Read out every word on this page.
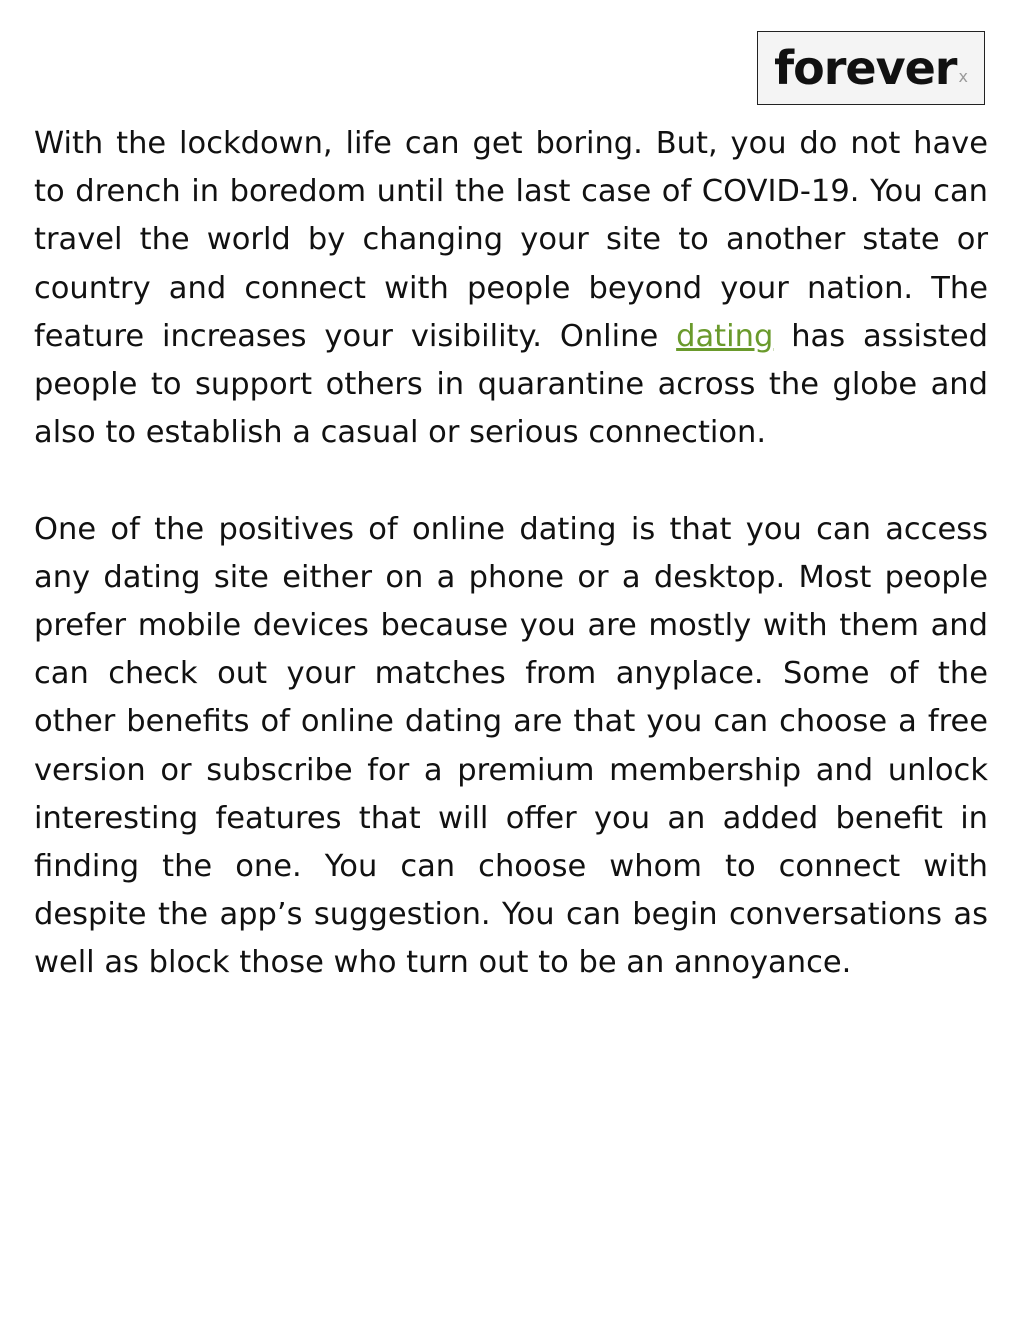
forever x

With the lockdown, life can get boring. But, you do not have to drench in boredom until the last case of COVID-19. You can travel the world by changing your site to another state or country and connect with people beyond your nation. The feature increases your visibility. Online dating has assisted people to support others in quarantine across the globe and also to establish a casual or serious connection.

One of the positives of online dating is that you can access any dating site either on a phone or a desktop. Most people prefer mobile devices because you are mostly with them and can check out your matches from anyplace. Some of the other benefits of online dating are that you can choose a free version or subscribe for a premium membership and unlock interesting features that will offer you an added benefit in finding the one. You can choose whom to connect with despite the app’s suggestion. You can begin conversations as well as block those who turn out to be an annoyance.
